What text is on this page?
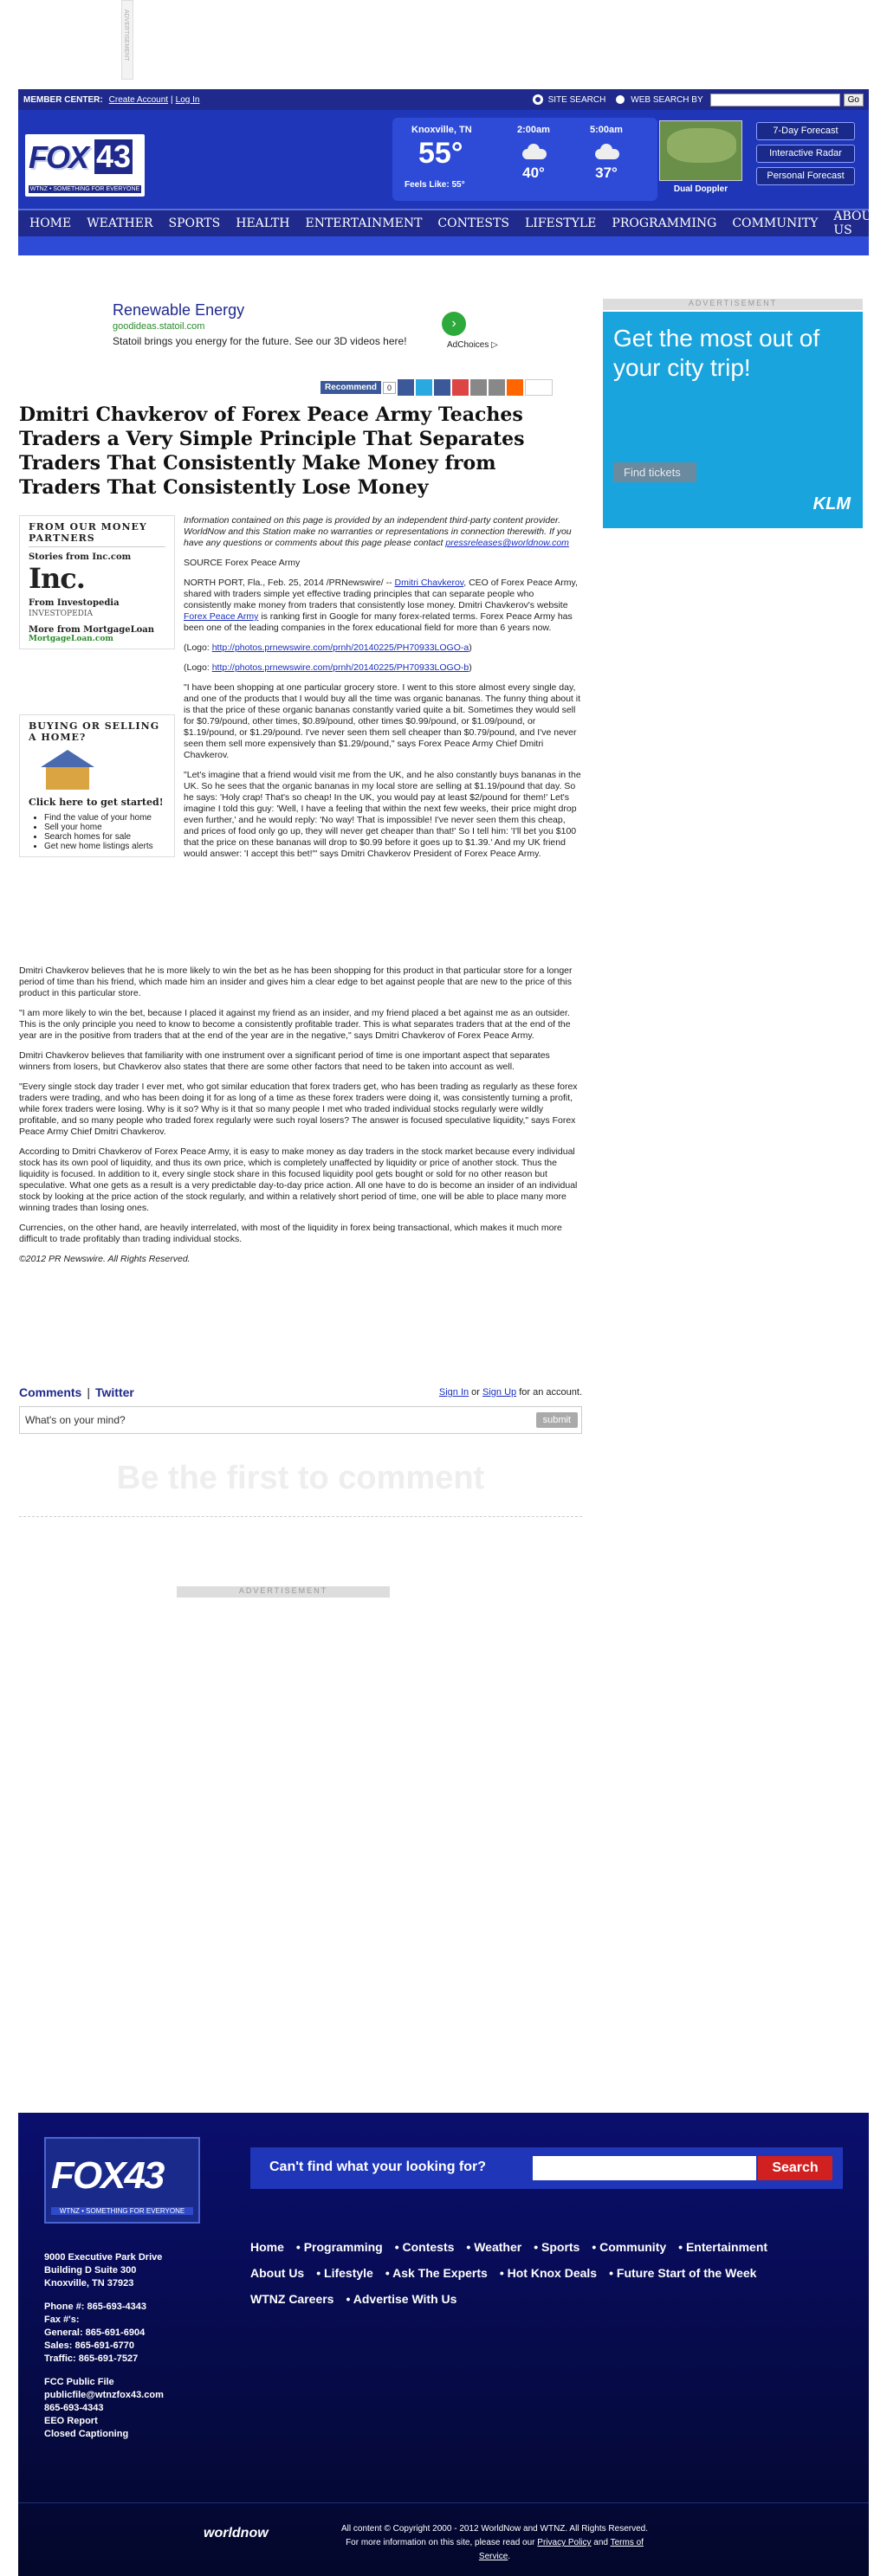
ADVERTISEMENT
MEMBER CENTER: Create Account | Log In	SITE SEARCH	WEB SEARCH BY	Go
FOX 43
WTNZ • SOMETHING FOR EVERYONE
Knoxville, TN
55°
Feels Like: 55°
2:00am
40°
5:00am
37°
Dual Doppler
7-Day Forecast
Interactive Radar
Personal Forecast
HOME	WEATHER	SPORTS	HEALTH	ENTERTAINMENT	CONTESTS	LIFESTYLE	PROGRAMMING	COMMUNITY	ABOUT US
Renewable Energy
goodideas.statoil.com
Statoil brings you energy for the future. See our 3D videos here!
›
AdChoices ▷
Recommend	0
Dmitri Chavkerov of Forex Peace Army Teaches Traders a Very Simple Principle That Separates Traders That Consistently Make Money from Traders That Consistently Lose Money
FROM OUR MONEY PARTNERS
Stories from Inc.com
Inc.
From Investopedia
INVESTOPEDIA
More from MortgageLoan
MortgageLoan.com
BUYING OR SELLING A HOME?
Click here to get started!
• Find the value of your home
• Sell your home
• Search homes for sale
• Get new home listings alerts

Information contained on this page is provided by an independent third-party content provider. WorldNow and this Station make no warranties or representations in connection therewith. If you have any questions or comments about this page please contact pressreleases@worldnow.com

SOURCE Forex Peace Army

NORTH PORT, Fla., Feb. 25, 2014 /PRNewswire/ -- Dmitri Chavkerov, CEO of Forex Peace Army, shared with traders simple yet effective trading principles that can separate people who consistently make money from traders that consistently lose money. Dmitri Chavkerov's website Forex Peace Army is ranking first in Google for many forex-related terms. Forex Peace Army has been one of the leading companies in the forex educational field for more than 6 years now.

(Logo: http://photos.prnewswire.com/prnh/20140225/PH70933LOGO-a)

(Logo: http://photos.prnewswire.com/prnh/20140225/PH70933LOGO-b)

"I have been shopping at one particular grocery store. I went to this store almost every single day, and one of the products that I would buy all the time was organic bananas. The funny thing about it is that the price of these organic bananas constantly varied quite a bit. Sometimes they would sell for $0.79/pound, other times, $0.89/pound, other times $0.99/pound, or $1.09/pound, or $1.19/pound, or $1.29/pound. I've never seen them sell cheaper than $0.79/pound, and I've never seen them sell more expensively than $1.29/pound," says Forex Peace Army Chief Dmitri Chavkerov.

"Let's imagine that a friend would visit me from the UK, and he also constantly buys bananas in the UK. So he sees that the organic bananas in my local store are selling at $1.19/pound that day. So he says: 'Holy crap! That's so cheap! In the UK, you would pay at least $2/pound for them!' Let's imagine I told this guy: 'Well, I have a feeling that within the next few weeks, their price might drop even further,' and he would reply: 'No way! That is impossible! I've never seen them this cheap, and prices of food only go up, they will never get cheaper than that!' So I tell him: 'I'll bet you $100 that the price on these bananas will drop to $0.99 before it goes up to $1.39.' And my UK friend would answer: 'I accept this bet!'" says Dmitri Chavkerov President of Forex Peace Army.

Dmitri Chavkerov believes that he is more likely to win the bet as he has been shopping for this product in that particular store for a longer period of time than his friend, which made him an insider and gives him a clear edge to bet against people that are new to the price of this product in this particular store.

"I am more likely to win the bet, because I placed it against my friend as an insider, and my friend placed a bet against me as an outsider. This is the only principle you need to know to become a consistently profitable trader. This is what separates traders that at the end of the year are in the positive from traders that at the end of the year are in the negative," says Dmitri Chavkerov of Forex Peace Army.

Dmitri Chavkerov believes that familiarity with one instrument over a significant period of time is one important aspect that separates winners from losers, but Chavkerov also states that there are some other factors that need to be taken into account as well.

"Every single stock day trader I ever met, who got similar education that forex traders get, who has been trading as regularly as these forex traders were trading, and who has been doing it for as long of a time as these forex traders were doing it, was consistently turning a profit, while forex traders were losing. Why is it so? Why is it that so many people I met who traded individual stocks regularly were wildly profitable, and so many people who traded forex regularly were such royal losers? The answer is focused speculative liquidity," says Forex Peace Army Chief Dmitri Chavkerov.

According to Dmitri Chavkerov of Forex Peace Army, it is easy to make money as day traders in the stock market because every individual stock has its own pool of liquidity, and thus its own price, which is completely unaffected by liquidity or price of another stock. Thus the liquidity is focused. In addition to it, every single stock share in this focused liquidity pool gets bought or sold for no other reason but speculative. What one gets as a result is a very predictable day-to-day price action. All one have to do is become an insider of an individual stock by looking at the price action of the stock regularly, and within a relatively short period of time, one will be able to place many more winning trades than losing ones.

Currencies, on the other hand, are heavily interrelated, with most of the liquidity in forex being transactional, which makes it much more difficult to trade profitably than trading individual stocks.

©2012 PR Newswire. All Rights Reserved.

Comments | Twitter	Sign In or Sign Up for an account.
What's on your mind?	submit
Be the first to comment
ADVERTISEMENT
ADVERTISEMENT
Get the most out of your city trip!
Find tickets
KLM
FOX43
WTNZ • SOMETHING FOR EVERYONE
9000 Executive Park Drive
Building D Suite 300
Knoxville, TN 37923
Phone #: 865-693-4343
Fax #'s:
General: 865-691-6904
Sales: 865-691-6770
Traffic: 865-691-7527
FCC Public File
publicfile@wtnzfox43.com
865-693-4343
EEO Report
Closed Captioning
Can't find what your looking for?	Search
Home • Programming • Contests • Weather • Sports • Community • Entertainment
About Us • Lifestyle • Ask The Experts • Hot Knox Deals • Future Start of the Week
WTNZ Careers • Advertise With Us
worldnow	All content © Copyright 2000 - 2012 WorldNow and WTNZ. All Rights Reserved.
For more information on this site, please read our Privacy Policy and Terms of Service.
